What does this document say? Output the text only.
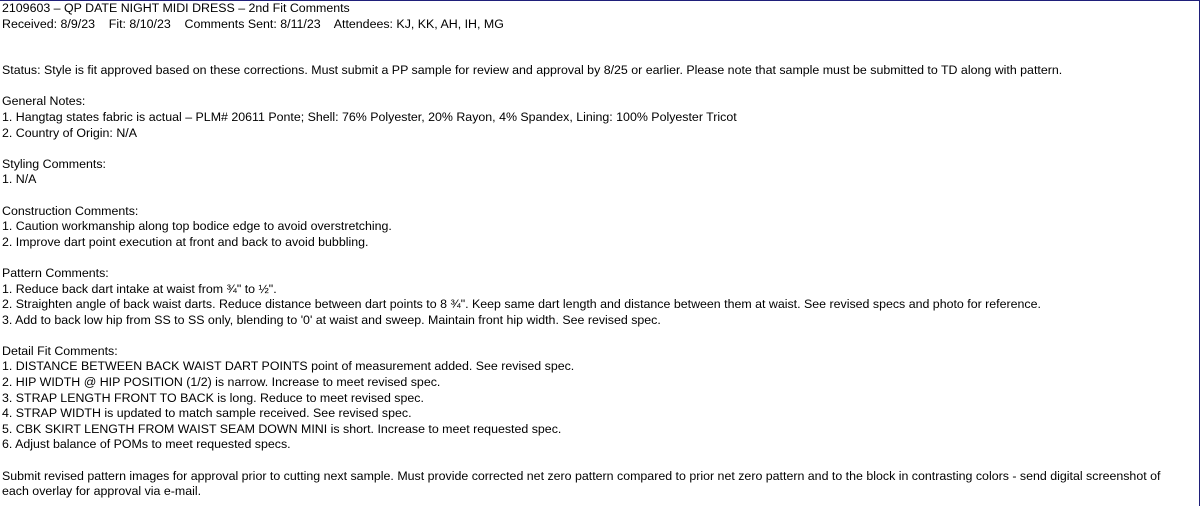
2109603 – QP DATE NIGHT MIDI DRESS – 2nd Fit Comments
Received: 8/9/23    Fit: 8/10/23    Comments Sent: 8/11/23    Attendees: KJ, KK, AH, IH, MG
Status: Style is fit approved based on these corrections. Must submit a PP sample for review and approval by 8/25 or earlier. Please note that sample must be submitted to TD along with pattern.
General Notes:
1. Hangtag states fabric is actual – PLM# 20611 Ponte; Shell: 76% Polyester, 20% Rayon, 4% Spandex, Lining: 100% Polyester Tricot
2. Country of Origin: N/A
Styling Comments:
1. N/A
Construction Comments:
1. Caution workmanship along top bodice edge to avoid overstretching.
2. Improve dart point execution at front and back to avoid bubbling.
Pattern Comments:
1. Reduce back dart intake at waist from ¾" to ½".
2. Straighten angle of back waist darts. Reduce distance between dart points to 8 ¾". Keep same dart length and distance between them at waist. See revised specs and photo for reference.
3. Add to back low hip from SS to SS only, blending to '0' at waist and sweep. Maintain front hip width. See revised spec.
Detail Fit Comments:
1. DISTANCE BETWEEN BACK WAIST DART POINTS point of measurement added. See revised spec.
2. HIP WIDTH @ HIP POSITION (1/2) is narrow. Increase to meet revised spec.
3. STRAP LENGTH FRONT TO BACK is long. Reduce to meet revised spec.
4. STRAP WIDTH is updated to match sample received. See revised spec.
5. CBK SKIRT LENGTH FROM WAIST SEAM DOWN MINI is short. Increase to meet requested spec.
6. Adjust balance of POMs to meet requested specs.
Submit revised pattern images for approval prior to cutting next sample. Must provide corrected net zero pattern compared to prior net zero pattern and to the block in contrasting colors - send digital screenshot of each overlay for approval via e-mail.
